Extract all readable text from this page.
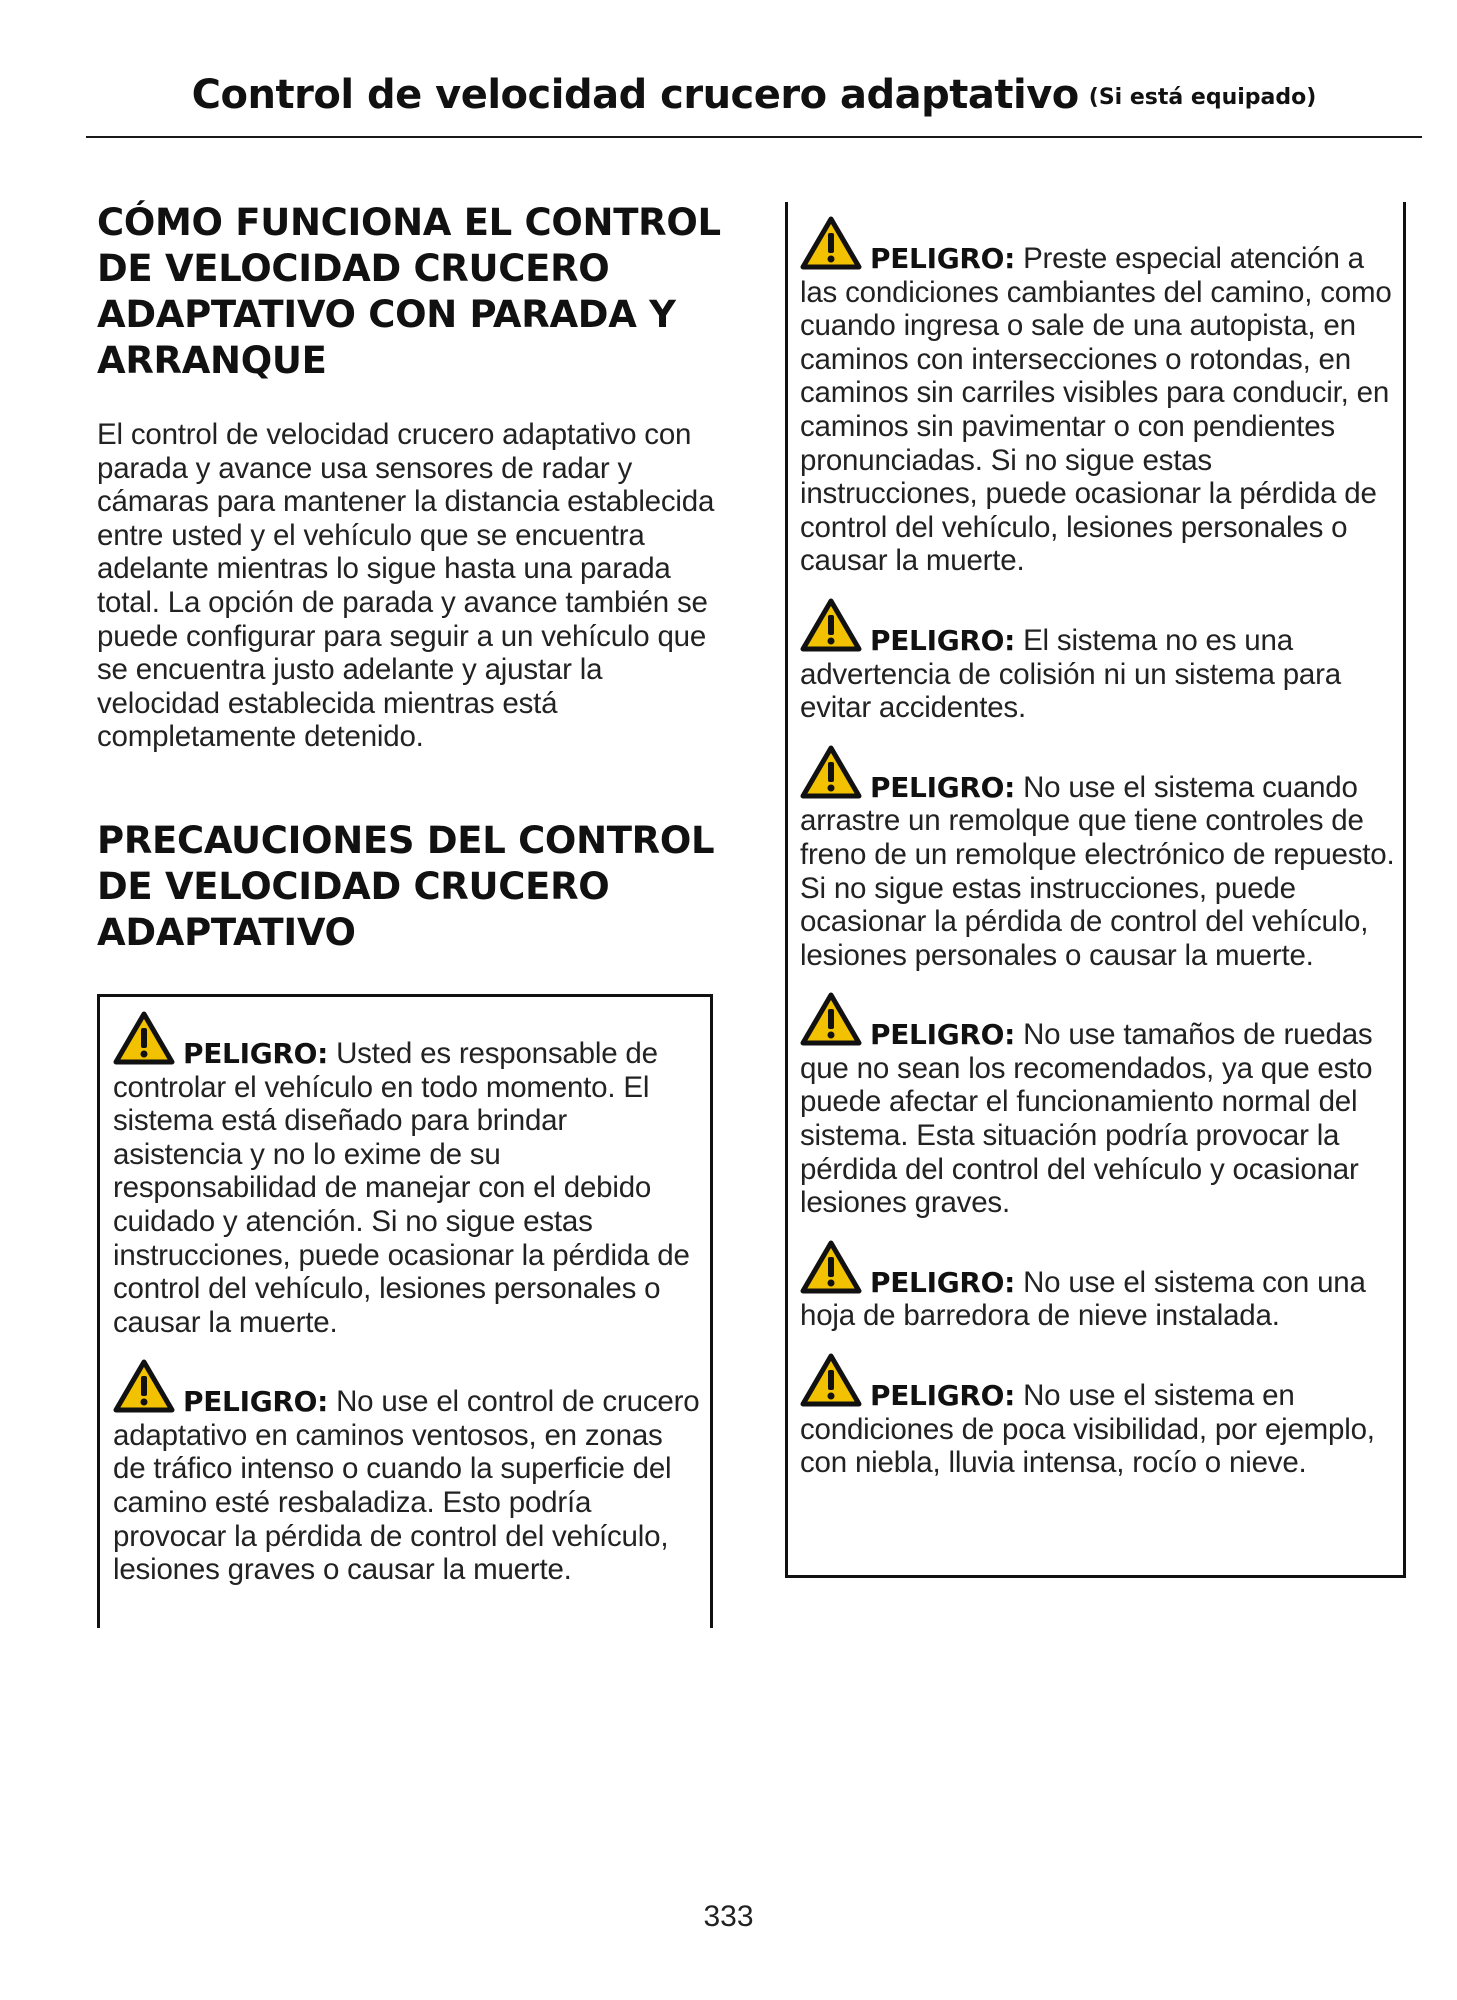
Control de velocidad crucero adaptativo (Si está equipado)
CÓMO FUNCIONA EL CONTROL DE VELOCIDAD CRUCERO ADAPTATIVO CON PARADA Y ARRANQUE

El control de velocidad crucero adaptativo con parada y avance usa sensores de radar y cámaras para mantener la distancia establecida entre usted y el vehículo que se encuentra adelante mientras lo sigue hasta una parada total. La opción de parada y avance también se puede configurar para seguir a un vehículo que se encuentra justo adelante y ajustar la velocidad establecida mientras está completamente detenido.

PRECAUCIONES DEL CONTROL DE VELOCIDAD CRUCERO ADAPTATIVO
PELIGRO: Usted es responsable de controlar el vehículo en todo momento. El sistema está diseñado para brindar asistencia y no lo exime de su responsabilidad de manejar con el debido cuidado y atención. Si no sigue estas instrucciones, puede ocasionar la pérdida de control del vehículo, lesiones personales o causar la muerte.
PELIGRO: No use el control de crucero adaptativo en caminos ventosos, en zonas de tráfico intenso o cuando la superficie del camino esté resbaladiza. Esto podría provocar la pérdida de control del vehículo, lesiones graves o causar la muerte.
PELIGRO: Preste especial atención a las condiciones cambiantes del camino, como cuando ingresa o sale de una autopista, en caminos con intersecciones o rotondas, en caminos sin carriles visibles para conducir, en caminos sin pavimentar o con pendientes pronunciadas. Si no sigue estas instrucciones, puede ocasionar la pérdida de control del vehículo, lesiones personales o causar la muerte.
PELIGRO: El sistema no es una advertencia de colisión ni un sistema para evitar accidentes.
PELIGRO: No use el sistema cuando arrastre un remolque que tiene controles de freno de un remolque electrónico de repuesto. Si no sigue estas instrucciones, puede ocasionar la pérdida de control del vehículo, lesiones personales o causar la muerte.
PELIGRO: No use tamaños de ruedas que no sean los recomendados, ya que esto puede afectar el funcionamiento normal del sistema. Esta situación podría provocar la pérdida del control del vehículo y ocasionar lesiones graves.
PELIGRO: No use el sistema con una hoja de barredora de nieve instalada.
PELIGRO: No use el sistema en condiciones de poca visibilidad, por ejemplo, con niebla, lluvia intensa, rocío o nieve.
333
